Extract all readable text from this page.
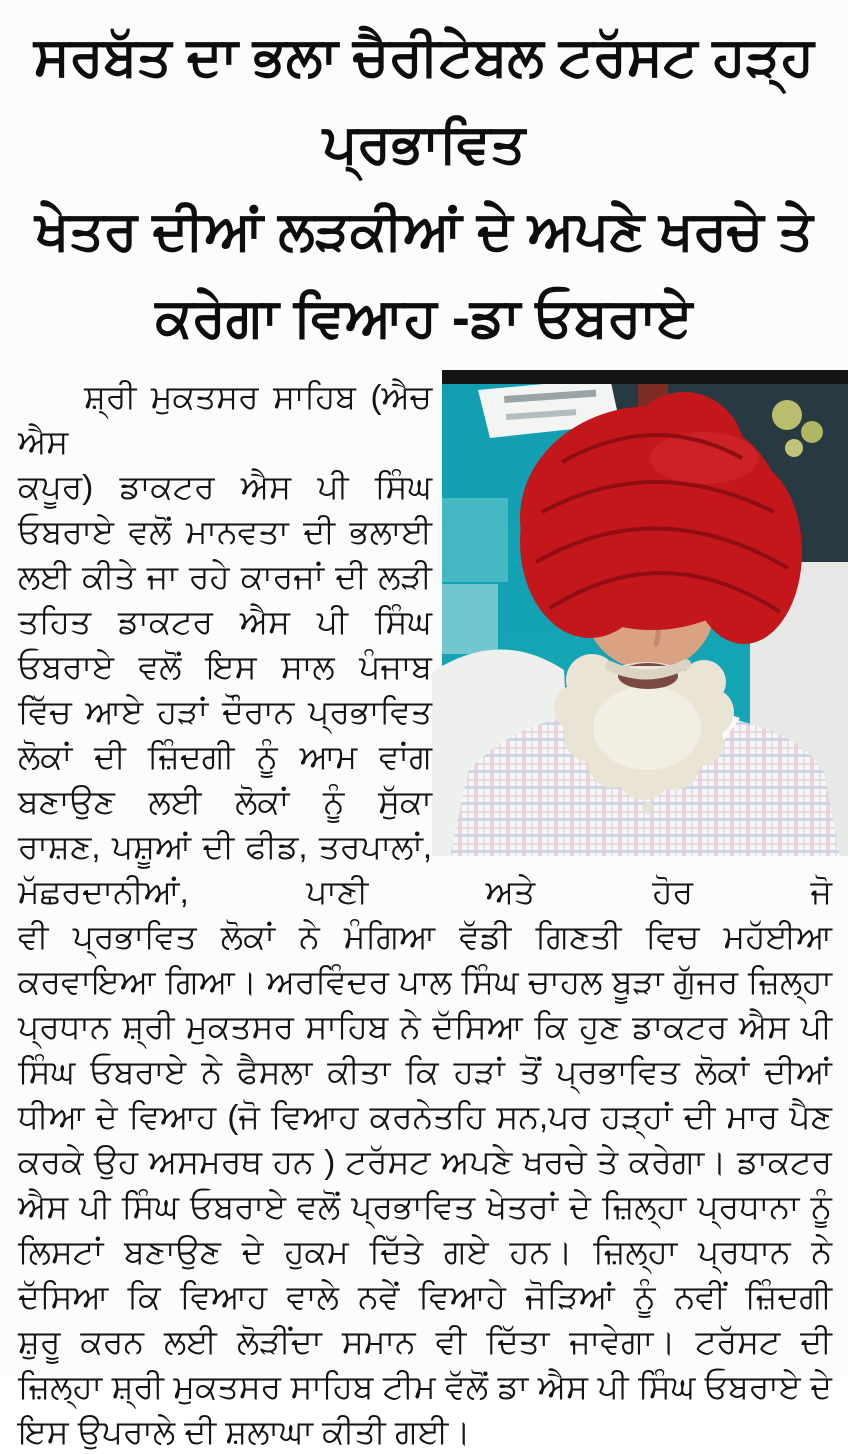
ਸਰਬੱਤ ਦਾ ਭਲਾ ਚੈਰੀਟੇਬਲ ਟਰੱਸਟ ਹੜ੍ਹ ਪ੍ਰਭਾਵਿਤ
ਖੇਤਰ ਦੀਆਂ ਲੜਕੀਆਂ ਦੇ ਅਪਣੇ ਖਰਚੇ ਤੇ
ਕਰੇਗਾ ਵਿਆਹ -ਡਾ ਓਬਰਾਏ
ਸ਼੍ਰੀ ਮੁਕਤਸਰ ਸਾਹਿਬ (ਐਚ ਐਸ
ਕਪੂਰ) ਡਾਕਟਰ ਐਸ ਪੀ ਸਿੰਘ
ਓਬਰਾਏ ਵਲੋਂ ਮਾਨਵਤਾ ਦੀ ਭਲਾਈ
ਲਈ ਕੀਤੇ ਜਾ ਰਹੇ ਕਾਰਜਾਂ ਦੀ ਲੜੀ
ਤਹਿਤ ਡਾਕਟਰ ਐਸ ਪੀ ਸਿੰਘ
ਓਬਰਾਏ ਵਲੋਂ ਇਸ ਸਾਲ ਪੰਜਾਬ
ਵਿੱਚ ਆਏ ਹੜਾਂ ਦੌਰਾਨ ਪ੍ਰਭਾਵਿਤ
ਲੋਕਾਂ ਦੀ ਜ਼ਿੰਦਗੀ ਨੂੰ ਆਮ ਵਾਂਗ
ਬਣਾਉਣ ਲਈ ਲੋਕਾਂ ਨੂੰ ਸੁੱਕਾ
ਰਾਸ਼ਣ, ਪਸ਼ੂਆਂ ਦੀ ਫੀਡ, ਤਰਪਾਲਾਂ,
ਮੱਛਰਦਾਨੀਆਂ, ਪਾਣੀ ਅਤੇ ਹੋਰ ਜੋ
ਵੀ ਪ੍ਰਭਾਵਿਤ ਲੋਕਾਂ ਨੇ ਮੰਗਿਆ ਵੱਡੀ ਗਿਣਤੀ ਵਿਚ ਮਹੱਈਆ
ਕਰਵਾਇਆ ਗਿਆ। ਅਰਵਿੰਦਰ ਪਾਲ ਸਿੰਘ ਚਾਹਲ ਬੂੜਾ ਗੁੱਜਰ ਜ਼ਿਲ੍ਹਾ
ਪ੍ਰਧਾਨ ਸ਼੍ਰੀ ਮੁਕਤਸਰ ਸਾਹਿਬ ਨੇ ਦੱਸਿਆ ਕਿ ਹੁਣ ਡਾਕਟਰ ਐਸ ਪੀ
ਸਿੰਘ ਓਬਰਾਏ ਨੇ ਫੈਸਲਾ ਕੀਤਾ ਕਿ ਹੜਾਂ ਤੋਂ ਪ੍ਰਭਾਵਿਤ ਲੋਕਾਂ ਦੀਆਂ
ਧੀਆ ਦੇ ਵਿਆਹ (ਜੋ ਵਿਆਹ ਕਰਨੇਤਹਿ ਸਨ,ਪਰ ਹੜ੍ਹਾਂ ਦੀ ਮਾਰ ਪੈਣ
ਕਰਕੇ ਉਹ ਅਸਮਰਥ ਹਨ ) ਟਰੱਸਟ ਅਪਣੇ ਖਰਚੇ ਤੇ ਕਰੇਗਾ। ਡਾਕਟਰ
ਐਸ ਪੀ ਸਿੰਘ ਓਬਰਾਏ ਵਲੋਂ ਪ੍ਰਭਾਵਿਤ ਖੇਤਰਾਂ ਦੇ ਜ਼ਿਲ੍ਹਾ ਪ੍ਰਧਾਨਾ ਨੂੰ
ਲਿਸਟਾਂ ਬਣਾਉਣ ਦੇ ਹੁਕਮ ਦਿੱਤੇ ਗਏ ਹਨ। ਜ਼ਿਲ੍ਹਾ ਪ੍ਰਧਾਨ ਨੇ
ਦੱਸਿਆ ਕਿ ਵਿਆਹ ਵਾਲੇ ਨਵੇਂ ਵਿਆਹੇ ਜੋੜਿਆਂ ਨੂੰ ਨਵੀਂ ਜ਼ਿੰਦਗੀ
ਸ਼ੁਰੂ ਕਰਨ ਲਈ ਲੋੜੀਂਦਾ ਸਮਾਨ ਵੀ ਦਿੱਤਾ ਜਾਵੇਗਾ। ਟਰੱਸਟ ਦੀ
ਜ਼ਿਲ੍ਹਾ ਸ਼੍ਰੀ ਮੁਕਤਸਰ ਸਾਹਿਬ ਟੀਮ ਵੱਲੋਂ ਡਾ ਐਸ ਪੀ ਸਿੰਘ ਓਬਰਾਏ ਦੇ
ਇਸ ਉਪਰਾਲੇ ਦੀ ਸ਼ਲਾਘਾ ਕੀਤੀ ਗਈ।
